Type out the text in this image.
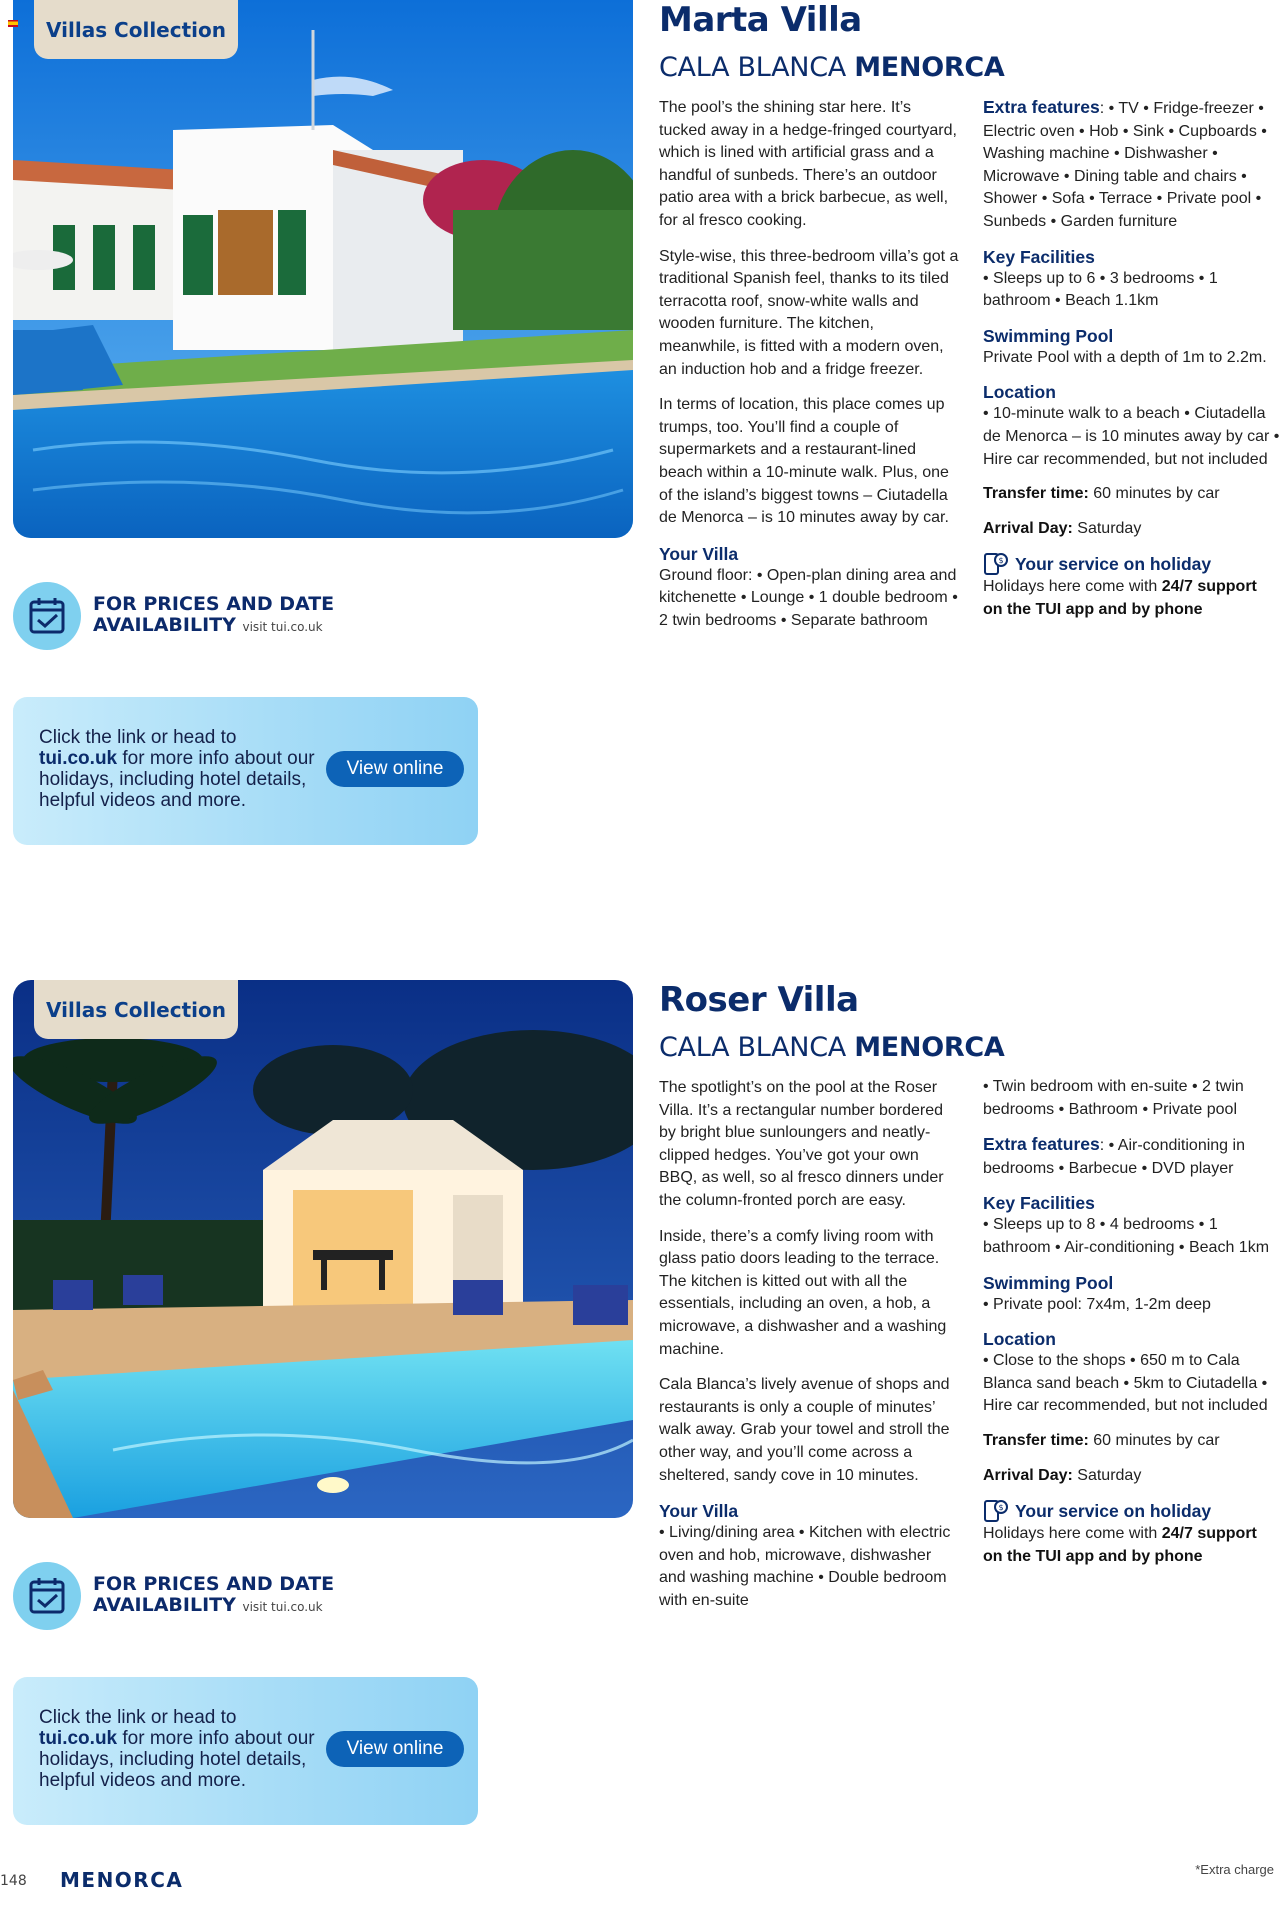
Villas Collection
FOR PRICES AND DATE
AVAILABILITY visit tui.co.uk
Click the link or head to
tui.co.uk for more info about our holidays, including hotel details, helpful videos and more.
View online
Marta Villa
CALA BLANCA MENORCA

The pool’s the shining star here. It’s tucked away in a hedge-fringed courtyard, which is lined with artificial grass and a handful of sunbeds. There’s an outdoor patio area with a brick barbecue, as well, for al fresco cooking.

Style-wise, this three-bedroom villa’s got a traditional Spanish feel, thanks to its tiled terracotta roof, snow-white walls and wooden furniture. The kitchen, meanwhile, is fitted with a modern oven, an induction hob and a fridge freezer.

In terms of location, this place comes up trumps, too. You’ll find a couple of supermarkets and a restaurant-lined beach within a 10-minute walk. Plus, one of the island’s biggest towns – Ciutadella de Menorca – is 10 minutes away by car.

Your Villa
Ground floor: • Open-plan dining area and kitchenette • Lounge • 1 double bedroom • 2 twin bedrooms • Separate bathroom
Extra features: • TV • Fridge-freezer • Electric oven • Hob • Sink • Cupboards • Washing machine • Dishwasher • Microwave • Dining table and chairs • Shower • Sofa • Terrace • Private pool • Sunbeds • Garden furniture
Key Facilities
• Sleeps up to 6 • 3 bedrooms • 1 bathroom • Beach 1.1km
Swimming Pool
Private Pool with a depth of 1m to 2.2m.
Location
• 10-minute walk to a beach • Ciutadella de Menorca – is 10 minutes away by car • Hire car recommended, but not included
Transfer time: 60 minutes by car
Arrival Day: Saturday
$ Your service on holiday
Holidays here come with 24/7 support on the TUI app and by phone
Villas Collection
FOR PRICES AND DATE
AVAILABILITY visit tui.co.uk
Click the link or head to
tui.co.uk for more info about our holidays, including hotel details, helpful videos and more.
View online
Roser Villa
CALA BLANCA MENORCA

The spotlight’s on the pool at the Roser Villa. It’s a rectangular number bordered by bright blue sunloungers and neatly-clipped hedges. You’ve got your own BBQ, as well, so al fresco dinners under the column-fronted porch are easy.

Inside, there’s a comfy living room with glass patio doors leading to the terrace. The kitchen is kitted out with all the essentials, including an oven, a hob, a microwave, a dishwasher and a washing machine.

Cala Blanca’s lively avenue of shops and restaurants is only a couple of minutes’ walk away. Grab your towel and stroll the other way, and you’ll come across a sheltered, sandy cove in 10 minutes.

Your Villa
• Living/dining area • Kitchen with electric oven and hob, microwave, dishwasher and washing machine • Double bedroom with en-suite
• Twin bedroom with en-suite • 2 twin bedrooms • Bathroom • Private pool
Extra features: • Air-conditioning in bedrooms • Barbecue • DVD player
Key Facilities
• Sleeps up to 8 • 4 bedrooms • 1 bathroom • Air-conditioning • Beach 1km
Swimming Pool
• Private pool: 7x4m, 1-2m deep
Location
• Close to the shops • 650 m to Cala Blanca sand beach • 5km to Ciutadella • Hire car recommended, but not included
Transfer time: 60 minutes by car
Arrival Day: Saturday
$ Your service on holiday
Holidays here come with 24/7 support on the TUI app and by phone
148 MENORCA	*Extra charge
